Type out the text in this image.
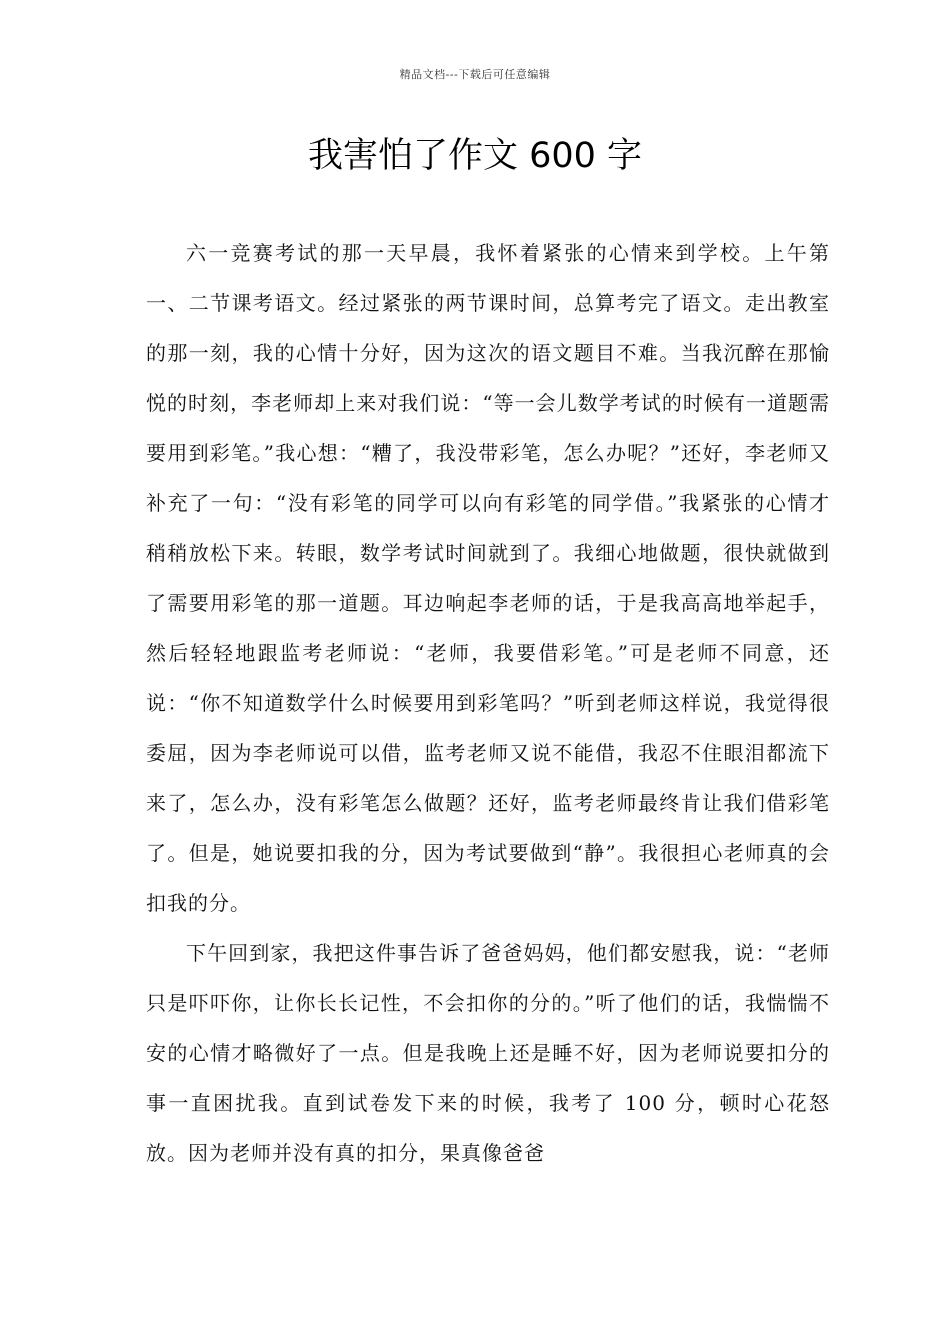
精品文档---下载后可任意编辑
我害怕了作文 600 字

六一竞赛考试的那一天早晨，我怀着紧张的心情来到学校。上午第一、二节课考语文。经过紧张的两节课时间，总算考完了语文。走出教室的那一刻，我的心情十分好，因为这次的语文题目不难。当我沉醉在那愉悦的时刻，李老师却上来对我们说：“等一会儿数学考试的时候有一道题需要用到彩笔。”我心想：“糟了，我没带彩笔，怎么办呢？”还好，李老师又补充了一句：“没有彩笔的同学可以向有彩笔的同学借。”我紧张的心情才稍稍放松下来。转眼，数学考试时间就到了。我细心地做题，很快就做到了需要用彩笔的那一道题。耳边响起李老师的话，于是我高高地举起手，然后轻轻地跟监考老师说：“老师，我要借彩笔。”可是老师不同意，还说：“你不知道数学什么时候要用到彩笔吗？”听到老师这样说，我觉得很委屈，因为李老师说可以借，监考老师又说不能借，我忍不住眼泪都流下来了，怎么办，没有彩笔怎么做题？还好，监考老师最终肯让我们借彩笔了。但是，她说要扣我的分，因为考试要做到“静”。我很担心老师真的会扣我的分。

下午回到家，我把这件事告诉了爸爸妈妈，他们都安慰我，说：“老师只是吓吓你，让你长长记性，不会扣你的分的。”听了他们的话，我惴惴不安的心情才略微好了一点。但是我晚上还是睡不好，因为老师说要扣分的事一直困扰我。直到试卷发下来的时候，我考了 100 分，顿时心花怒放。因为老师并没有真的扣分，果真像爸爸
